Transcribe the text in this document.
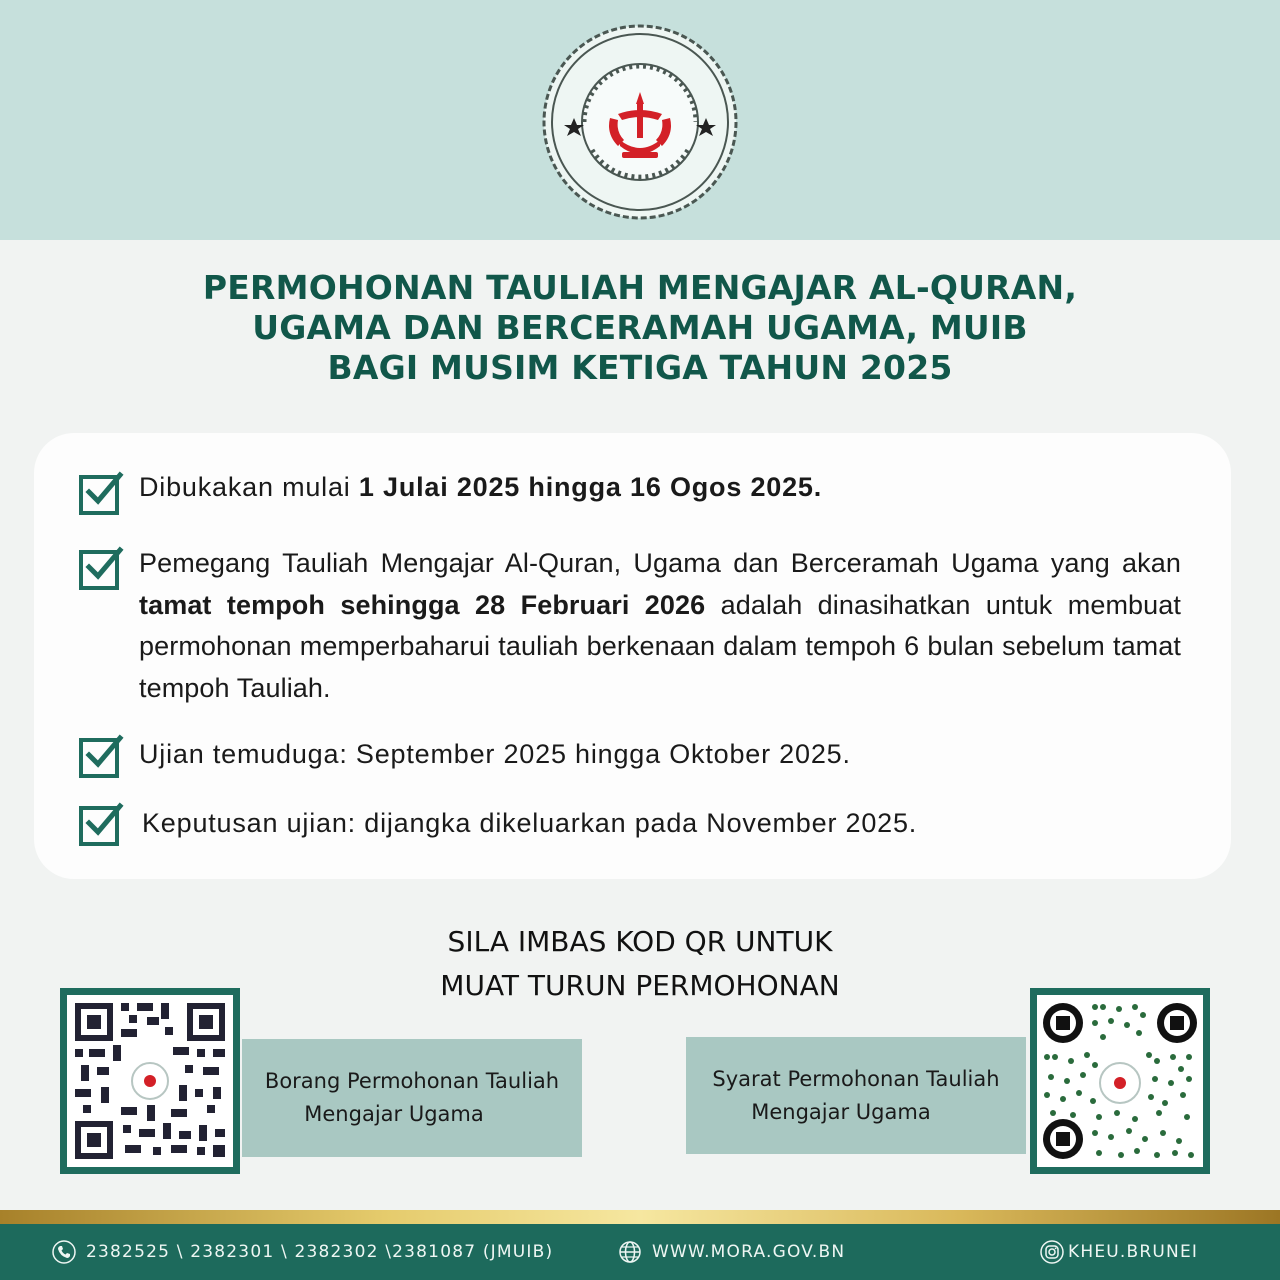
PERMOHONAN TAULIAH MENGAJAR AL-QURAN,
UGAMA DAN BERCERAMAH UGAMA, MUIB
BAGI MUSIM KETIGA TAHUN 2025
Dibukakan mulai 1 Julai 2025 hingga 16 Ogos 2025.
Pemegang Tauliah Mengajar Al-Quran, Ugama dan Berceramah Ugama yang akan tamat tempoh sehingga 28 Februari 2026 adalah dinasihatkan untuk membuat permohonan memperbaharui tauliah berkenaan dalam tempoh 6 bulan sebelum tamat tempoh Tauliah.
Ujian temuduga: September 2025 hingga Oktober 2025.
Keputusan ujian: dijangka dikeluarkan pada November 2025.
SILA IMBAS KOD QR UNTUK
MUAT TURUN PERMOHONAN
Borang Permohonan Tauliah
Mengajar Ugama
Syarat Permohonan Tauliah
Mengajar Ugama
2382525 \ 2382301 \ 2382302 \2381087 (JMUIB)	WWW.MORA.GOV.BN	KHEU.BRUNEI
